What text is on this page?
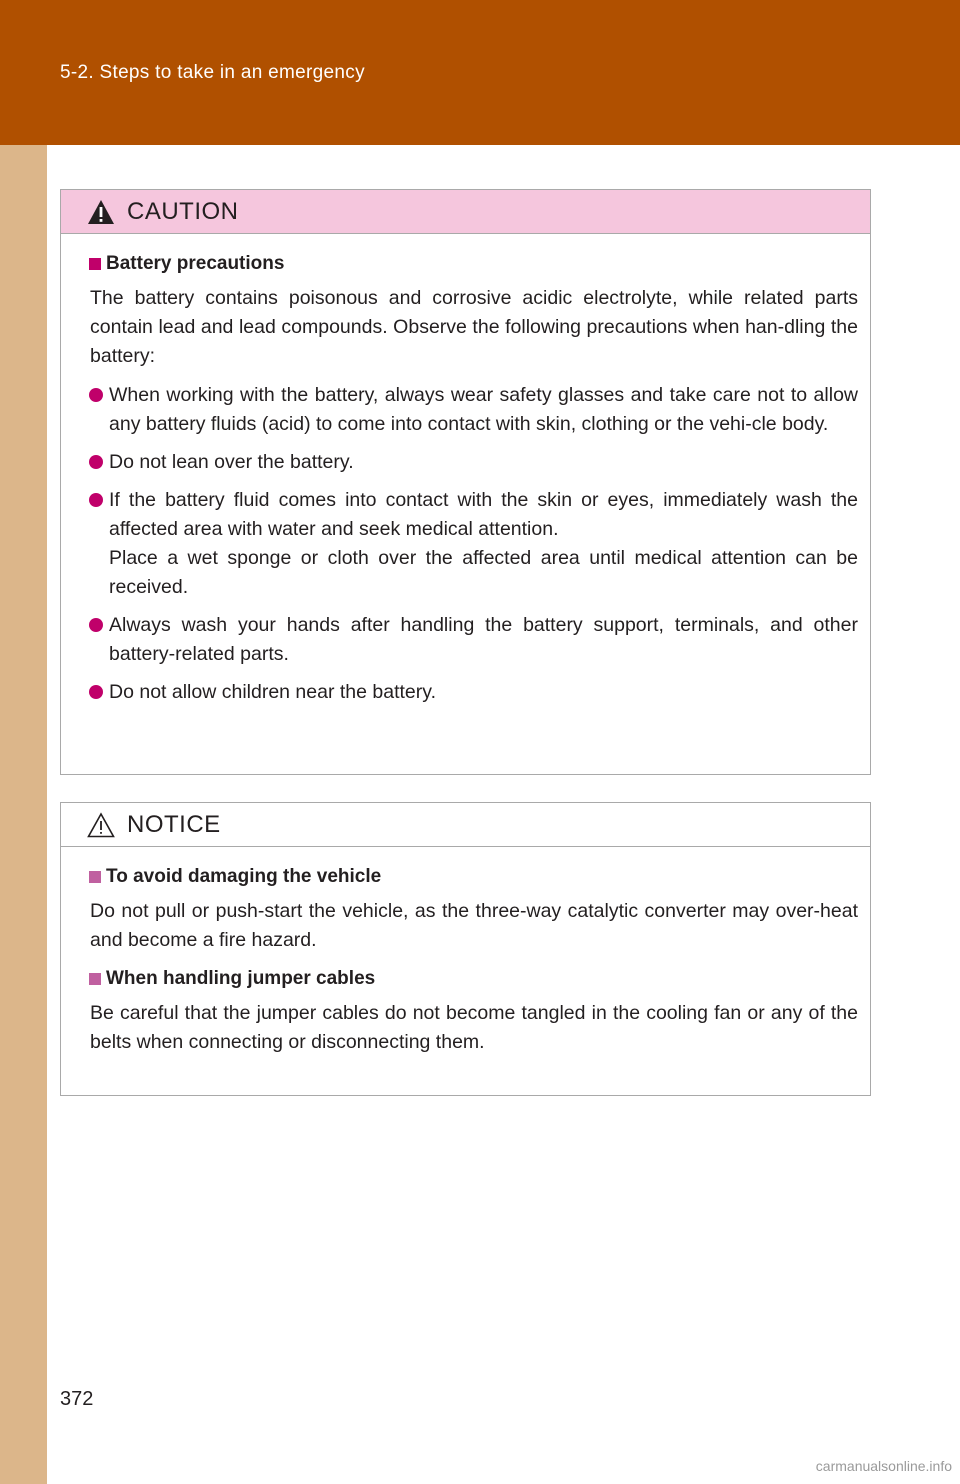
5-2. Steps to take in an emergency
CAUTION
Battery precautions

The battery contains poisonous and corrosive acidic electrolyte, while related parts contain lead and lead compounds. Observe the following precautions when han-dling the battery:

When working with the battery, always wear safety glasses and take care not to allow any battery fluids (acid) to come into contact with skin, clothing or the vehi-cle body.
Do not lean over the battery.
If the battery fluid comes into contact with the skin or eyes, immediately wash the affected area with water and seek medical attention.
Place a wet sponge or cloth over the affected area until medical attention can be received.
Always wash your hands after handling the battery support, terminals, and other battery-related parts.
Do not allow children near the battery.
NOTICE
To avoid damaging the vehicle

Do not pull or push-start the vehicle, as the three-way catalytic converter may over-heat and become a fire hazard.

When handling jumper cables

Be careful that the jumper cables do not become tangled in the cooling fan or any of the belts when connecting or disconnecting them.

372
carmanualsonline.info
